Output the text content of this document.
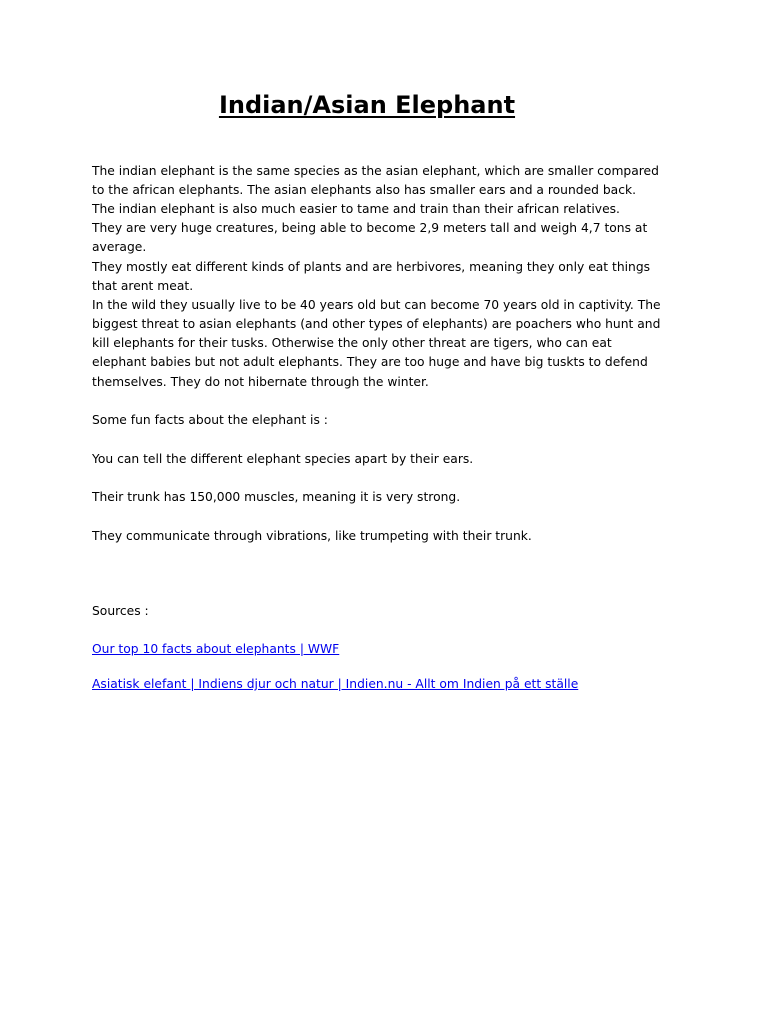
Indian/Asian Elephant

The indian elephant is the same species as the asian elephant, which are smaller compared

to the african elephants. The asian elephants also has smaller ears and a rounded back.

The indian elephant is also much easier to tame and train than their african relatives.

They are very huge creatures, being able to become 2,9 meters tall and weigh 4,7 tons at

average.

They mostly eat different kinds of plants and are herbivores, meaning they only eat things

that arent meat.

In the wild they usually live to be 40 years old but can become 70 years old in captivity. The

biggest threat to asian elephants (and other types of elephants) are poachers who hunt and

kill elephants for their tusks. Otherwise the only other threat are tigers, who can eat

elephant babies but not adult elephants. They are too huge and have big tuskts to defend

themselves. They do not hibernate through the winter.

Some fun facts about the elephant is :

You can tell the different elephant species apart by their ears.

Their trunk has 150,000 muscles, meaning it is very strong.

They communicate through vibrations, like trumpeting with their trunk.

Sources :

Our top 10 facts about elephants | WWF
Asiatisk elefant | Indiens djur och natur | Indien.nu - Allt om Indien på ett ställe
